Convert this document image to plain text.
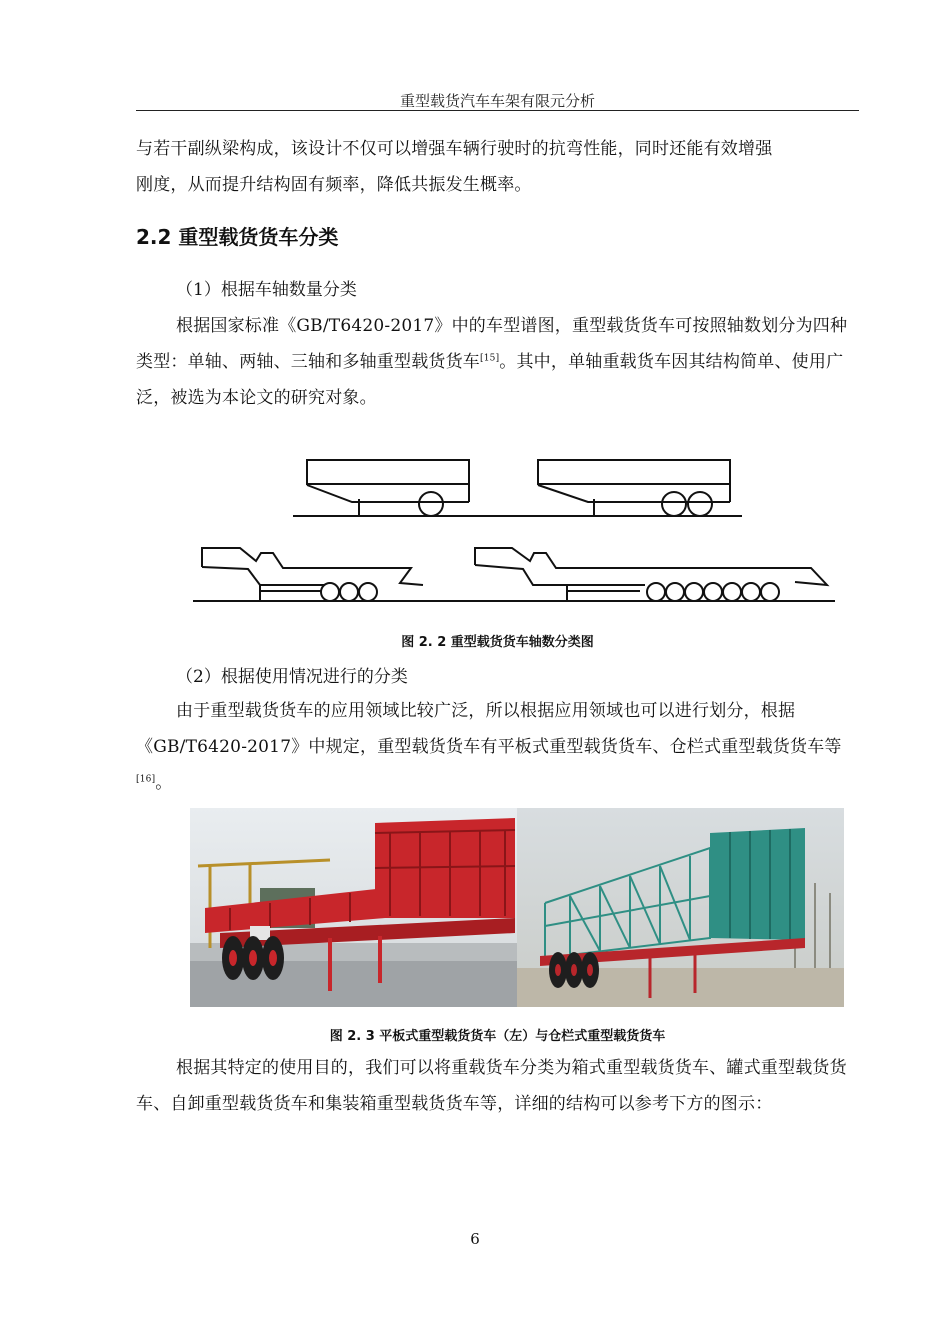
重型载货汽车车架有限元分析
与若干副纵梁构成，该设计不仅可以增强车辆行驶时的抗弯性能，同时还能有效增强
刚度，从而提升结构固有频率，降低共振发生概率。
2.2 重型载货货车分类
（1）根据车轴数量分类
根据国家标准《GB/T6420-2017》中的车型谱图，重型载货货车可按照轴数划分为四种类型：单轴、两轴、三轴和多轴重型载货货车[15]。其中，单轴重载货车因其结构简单、使用广泛，被选为本论文的研究对象。
图 2. 2 重型载货货车轴数分类图
（2）根据使用情况进行的分类
由于重型载货货车的应用领域比较广泛，所以根据应用领域也可以进行划分，根据《GB/T6420-2017》中规定，重型载货货车有平板式重型载货货车、仓栏式重型载货货车等[16]。
图 2. 3 平板式重型载货货车（左）与仓栏式重型载货货车
根据其特定的使用目的，我们可以将重载货车分类为箱式重型载货货车、罐式重型载货货车、自卸重型载货货车和集装箱重型载货货车等，详细的结构可以参考下方的图示：
6
